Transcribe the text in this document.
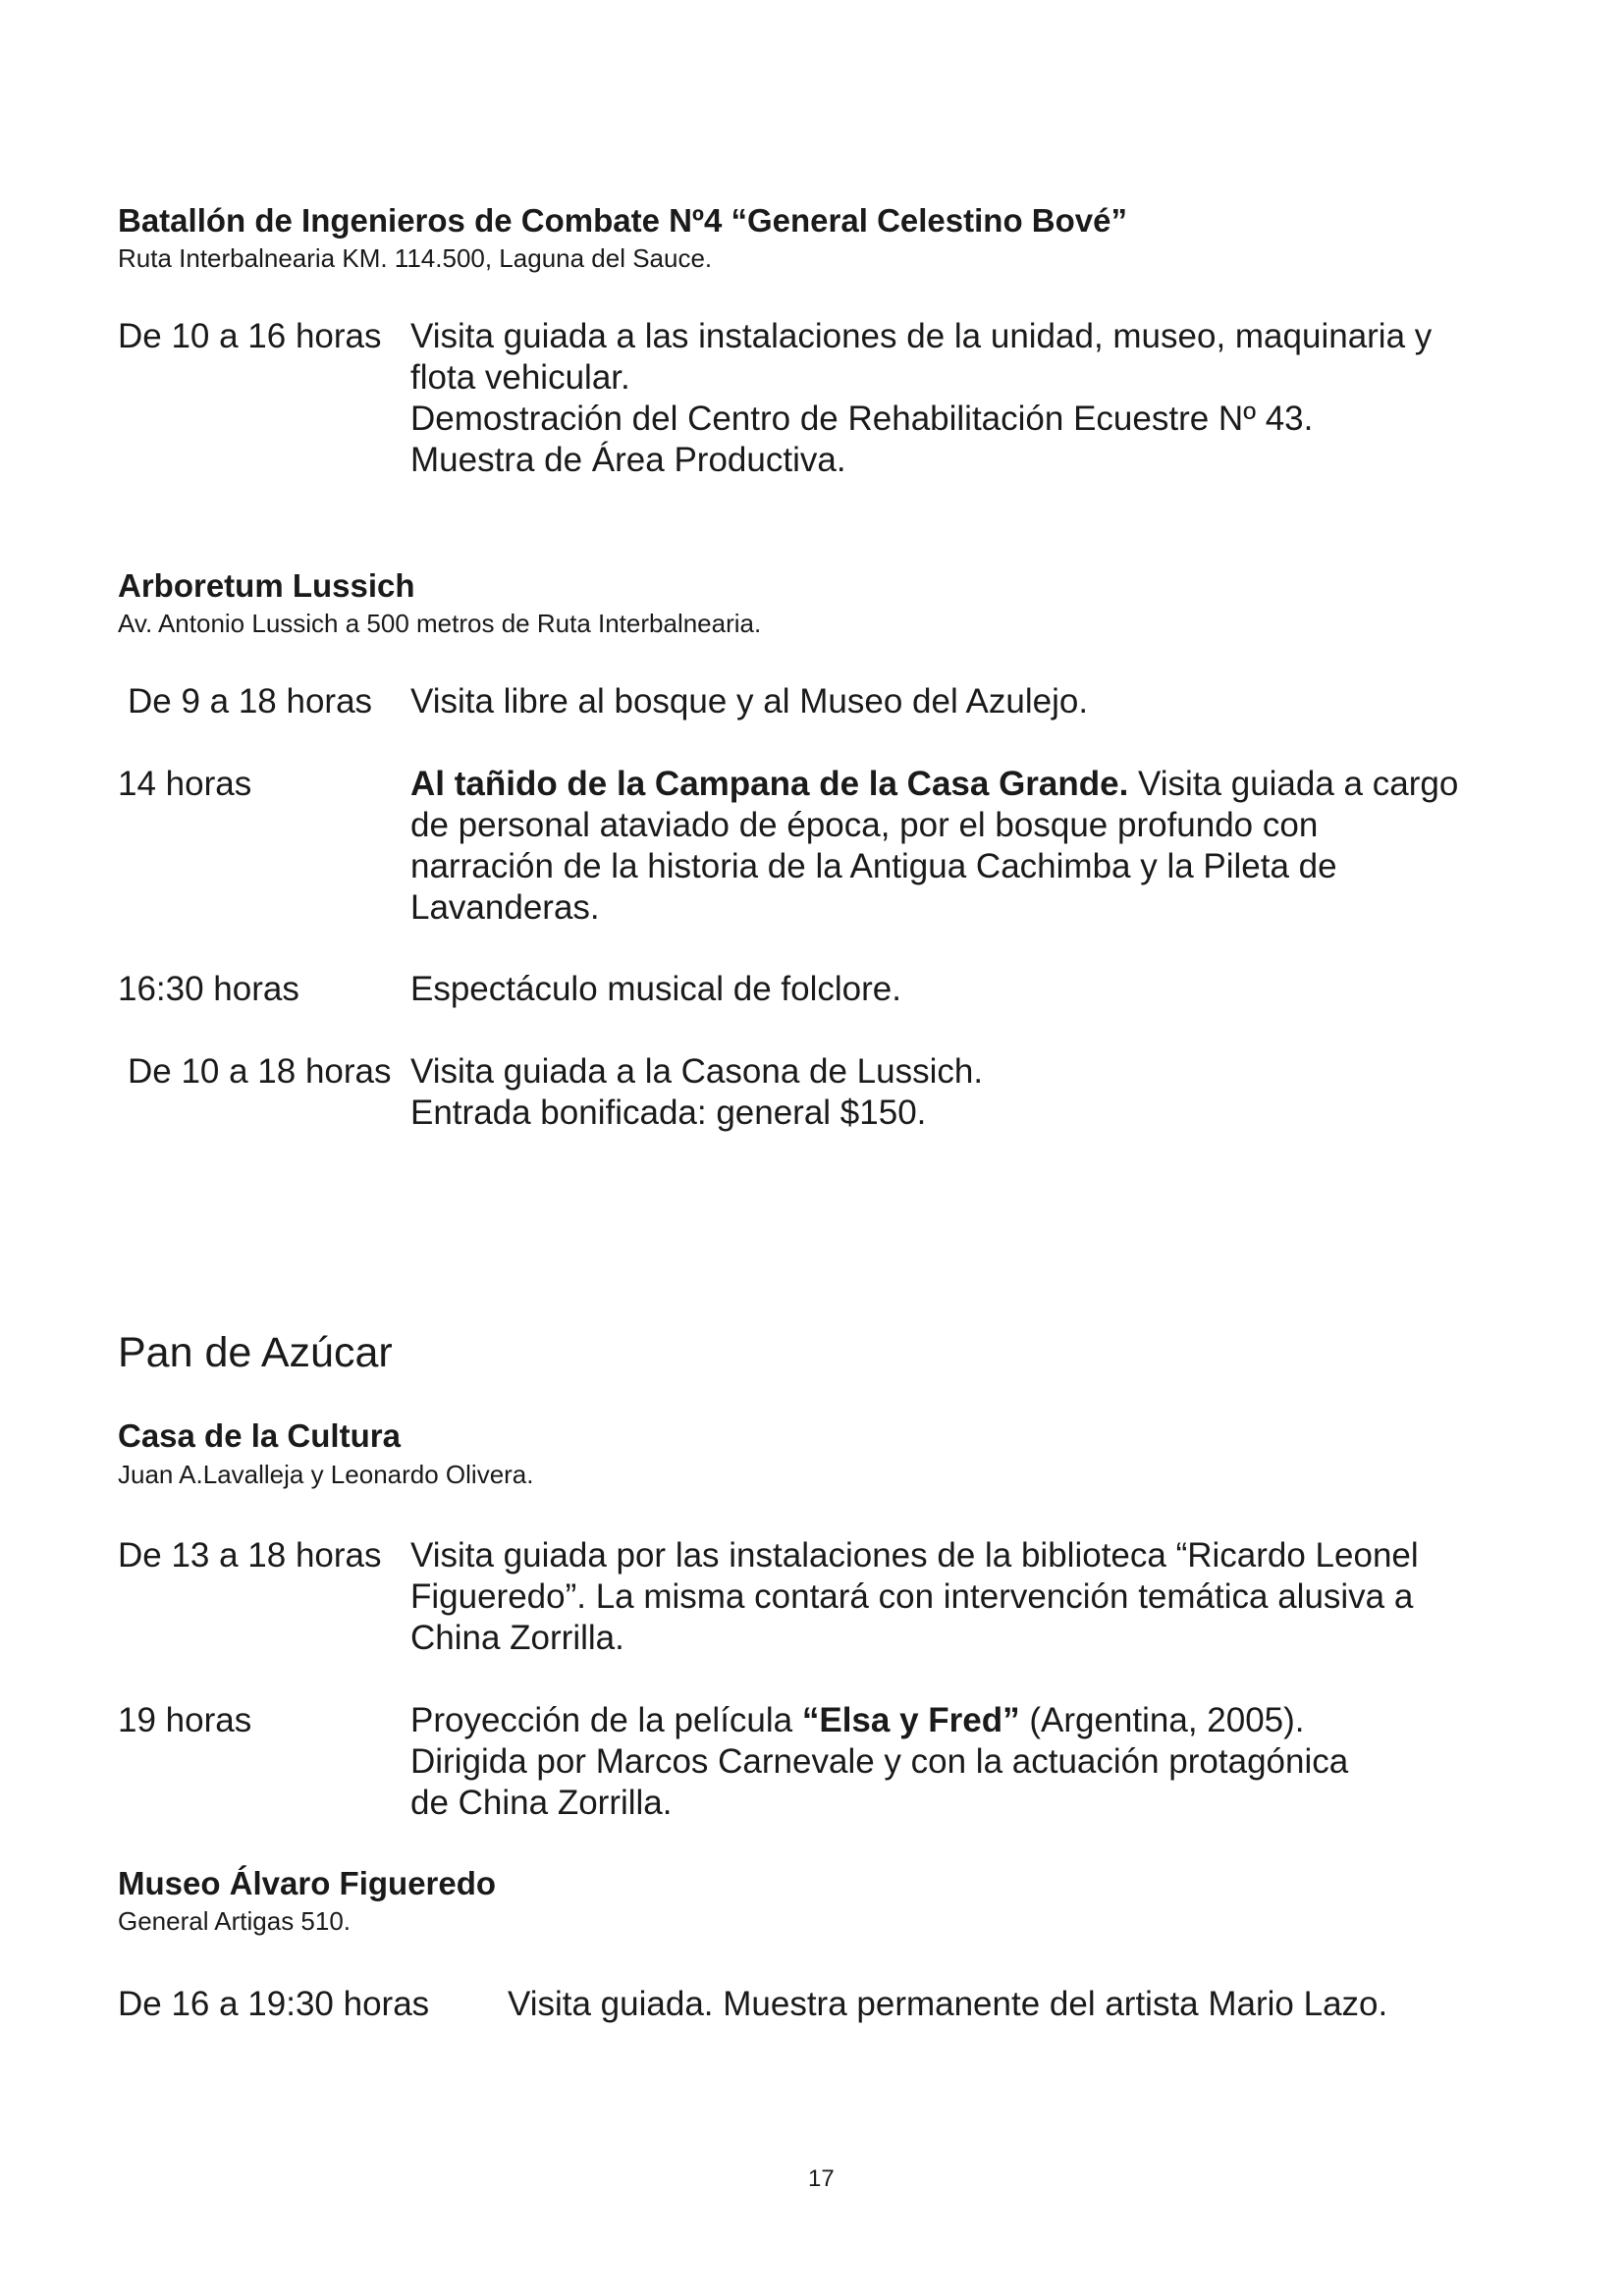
Batallón de Ingenieros de Combate Nº4 “General Celestino Bové”
Ruta Interbalnearia KM. 114.500, Laguna del Sauce.
De 10 a 16 horas Visita guiada a las instalaciones de la unidad, museo, maquinaria y
flota vehicular.
Demostración del Centro de Rehabilitación Ecuestre Nº 43.
Muestra de Área Productiva.
Arboretum Lussich
Av. Antonio Lussich a 500 metros de Ruta Interbalnearia.
De 9 a 18 horas Visita libre al bosque y al Museo del Azulejo.
14 horas	Al tañido de la Campana de la Casa Grande. Visita guiada a cargo
de personal ataviado de época, por el bosque profundo con
narración de la historia de la Antigua Cachimba y la Pileta de
Lavanderas.
16:30 horas	Espectáculo musical de folclore.
De 10 a 18 horas Visita guiada a la Casona de Lussich.
Entrada bonificada: general $150.
Pan de Azúcar
Casa de la Cultura
Juan A.Lavalleja y Leonardo Olivera.
De 13 a 18 horas Visita guiada por las instalaciones de la biblioteca “Ricardo Leonel
Figueredo”. La misma contará con intervención temática alusiva a
China Zorrilla.
19 horas	Proyección de la película “Elsa y Fred” (Argentina, 2005).
Dirigida por Marcos Carnevale y con la actuación protagónica
de China Zorrilla.
Museo Álvaro Figueredo
General Artigas 510.
De 16 a 19:30 horas Visita guiada. Muestra permanente del artista Mario Lazo.
17
